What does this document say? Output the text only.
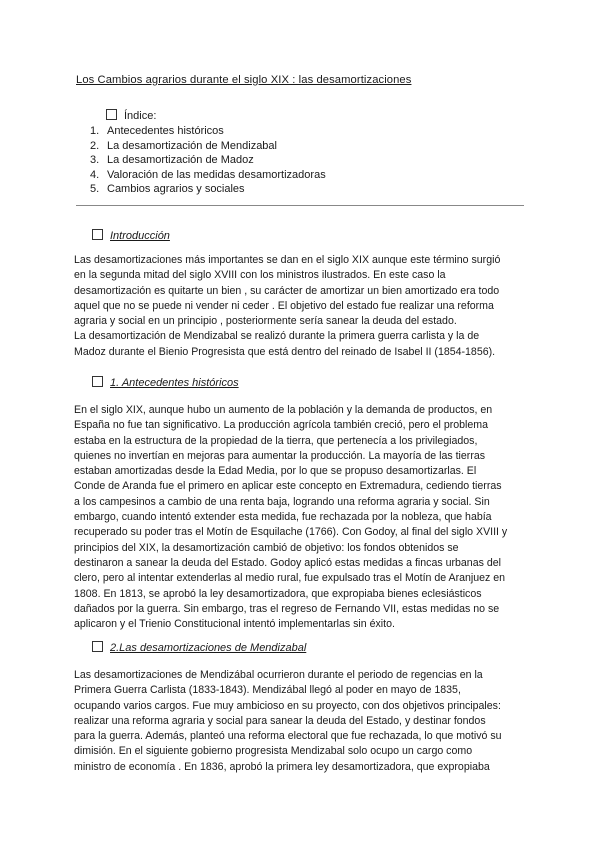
Los Cambios agrarios durante el siglo XIX : las desamortizaciones
Índice:
1. Antecedentes históricos
2. La desamortización de Mendizabal
3. La desamortización de Madoz
4. Valoración de las medidas desamortizadoras
5. Cambios agrarios y sociales
Introducción
Las desamortizaciones más importantes se dan en el siglo XIX aunque este término surgió
en la segunda mitad del siglo XVIII con los ministros ilustrados. En este caso la
desamortización es quitarte un bien , su carácter de amortizar un bien amortizado era todo
aquel que no se puede ni vender ni ceder . El objetivo del estado fue realizar una reforma
agraria y social en un principio , posteriormente sería sanear la deuda del estado.
La desamortización de Mendizabal se realizó durante la primera guerra carlista y la de
Madoz durante el Bienio Progresista que está dentro del reinado de Isabel II (1854-1856).
1. Antecedentes históricos
En el siglo XIX, aunque hubo un aumento de la población y la demanda de productos, en
España no fue tan significativo. La producción agrícola también creció, pero el problema
estaba en la estructura de la propiedad de la tierra, que pertenecía a los privilegiados,
quienes no invertían en mejoras para aumentar la producción. La mayoría de las tierras
estaban amortizadas desde la Edad Media, por lo que se propuso desamortizarlas. El
Conde de Aranda fue el primero en aplicar este concepto en Extremadura, cediendo tierras
a los campesinos a cambio de una renta baja, logrando una reforma agraria y social. Sin
embargo, cuando intentó extender esta medida, fue rechazada por la nobleza, que había
recuperado su poder tras el Motín de Esquilache (1766). Con Godoy, al final del siglo XVIII y
principios del XIX, la desamortización cambió de objetivo: los fondos obtenidos se
destinaron a sanear la deuda del Estado. Godoy aplicó estas medidas a fincas urbanas del
clero, pero al intentar extenderlas al medio rural, fue expulsado tras el Motín de Aranjuez en
1808. En 1813, se aprobó la ley desamortizadora, que expropiaba bienes eclesiásticos
dañados por la guerra. Sin embargo, tras el regreso de Fernando VII, estas medidas no se
aplicaron y el Trienio Constitucional intentó implementarlas sin éxito.
2.Las desamortizaciones de Mendizabal
Las desamortizaciones de Mendizábal ocurrieron durante el periodo de regencias en la
Primera Guerra Carlista (1833-1843). Mendizábal llegó al poder en mayo de 1835,
ocupando varios cargos. Fue muy ambicioso en su proyecto, con dos objetivos principales:
realizar una reforma agraria y social para sanear la deuda del Estado, y destinar fondos
para la guerra. Además, planteó una reforma electoral que fue rechazada, lo que motivó su
dimisión. En el siguiente gobierno progresista Mendizabal solo ocupo un cargo como
ministro de economía . En 1836, aprobó la primera ley desamortizadora, que expropiaba
